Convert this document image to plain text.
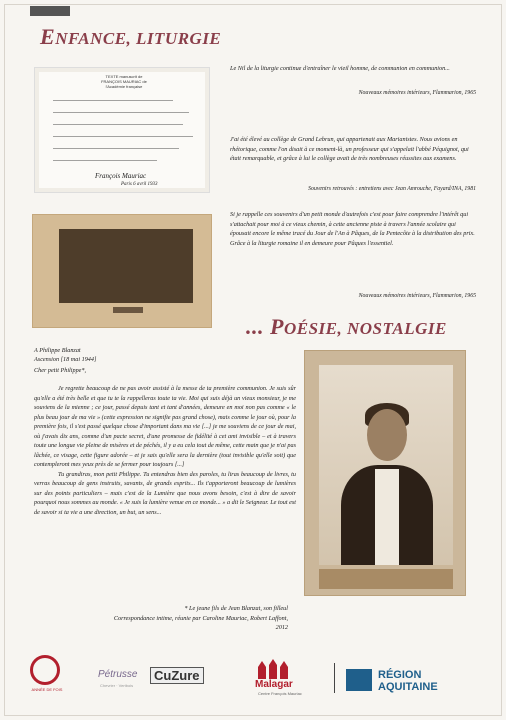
ENFANCE, LITURGIE
TEXTE manuscrit de FRANÇOIS MAURIAC de l'Académie française
François Mauriac
Paris 6 avril 1933
Le Nil de la liturgie continue d'entraîner le vieil homme, de communion en communion...
Nouveaux mémoires intérieurs, Flammarion, 1965
J'ai été élevé au collège de Grand Lebrun, qui appartenait aux Marianistes. Nous avions en rhétorique, comme l'on disait à ce moment-là, un professeur qui s'appelait l'abbé Péquignot, qui était remarquable, et grâce à lui le collège avait de très nombreuses réussites aux examens.
Souvenirs retrouvés : entretiens avec Jean Amrouche, Fayard/INA, 1981
Si je rappelle ces souvenirs d'un petit monde d'autrefois c'est pour faire comprendre l'intérêt qui s'attachait pour moi à ce vieux chemin, à cette ancienne piste à travers l'année scolaire qui épousait encore le même tracé du Jour de l'An à Pâques, de la Pentecôte à la distribution des prix. Grâce à la liturgie romaine il en demeure pour Pâques l'essentiel.
Nouveaux mémoires intérieurs, Flammarion, 1965
... POÉSIE, NOSTALGIE
A Philippe Blanzat
Ascension [18 mai 1944]
Cher petit Philippe*,

Je regrette beaucoup de ne pas avoir assisté à la messe de ta première communion. Je suis sûr qu'elle a été très belle et que tu te la rappelleras toute ta vie. Moi qui suis déjà un vieux monsieur, je me souviens de la mienne ; ce jour, passé depuis tant et tant d'années, demeure en moi non pas comme « le plus beau jour de ma vie » (cette expression ne signifie pas grand chose), mais comme le jour où, pour la première fois, il s'est passé quelque chose d'important dans ma vie [...] je me souviens de ce jour de mai, où j'avais dix ans, comme d'un pacte secret, d'une promesse de fidélité à cet ami invisible – et à travers toute une longue vie pleine de misères et de péchés, il y a eu cela tout de même, cette main que je n'ai pas lâchée, ce visage, cette figure adorée – et je sais qu'elle sera la dernière (tout invisible qu'elle soit) que contempleront mes yeux près de se fermer pour toujours [...]

Tu grandiras, mon petit Philippe. Tu entendras bien des paroles, tu liras beaucoup de livres, tu verras beaucoup de gens instruits, savants, de grands esprits... Ils t'apporteront beaucoup de lumières sur des points particuliers – mais c'est de la Lumière que nous avons besoin, c'est à dire de savoir pourquoi nous sommes au monde. « Je suis la lumière venue en ce monde... » a dit le Seigneur. Le tout est de savoir si ta vie a une direction, un but, un sens...

* Le jeune fils de Jean Blanzat, son filleul
Correspondance intime, réunie par Caroline Mauriac, Robert Laffont, 2012
ANNÉE DE FOIS
Pétrusse
Chevrier · Vertbois
CuZure
Malagar
Centre François Mauriac
RÉGION
AQUITAINE
